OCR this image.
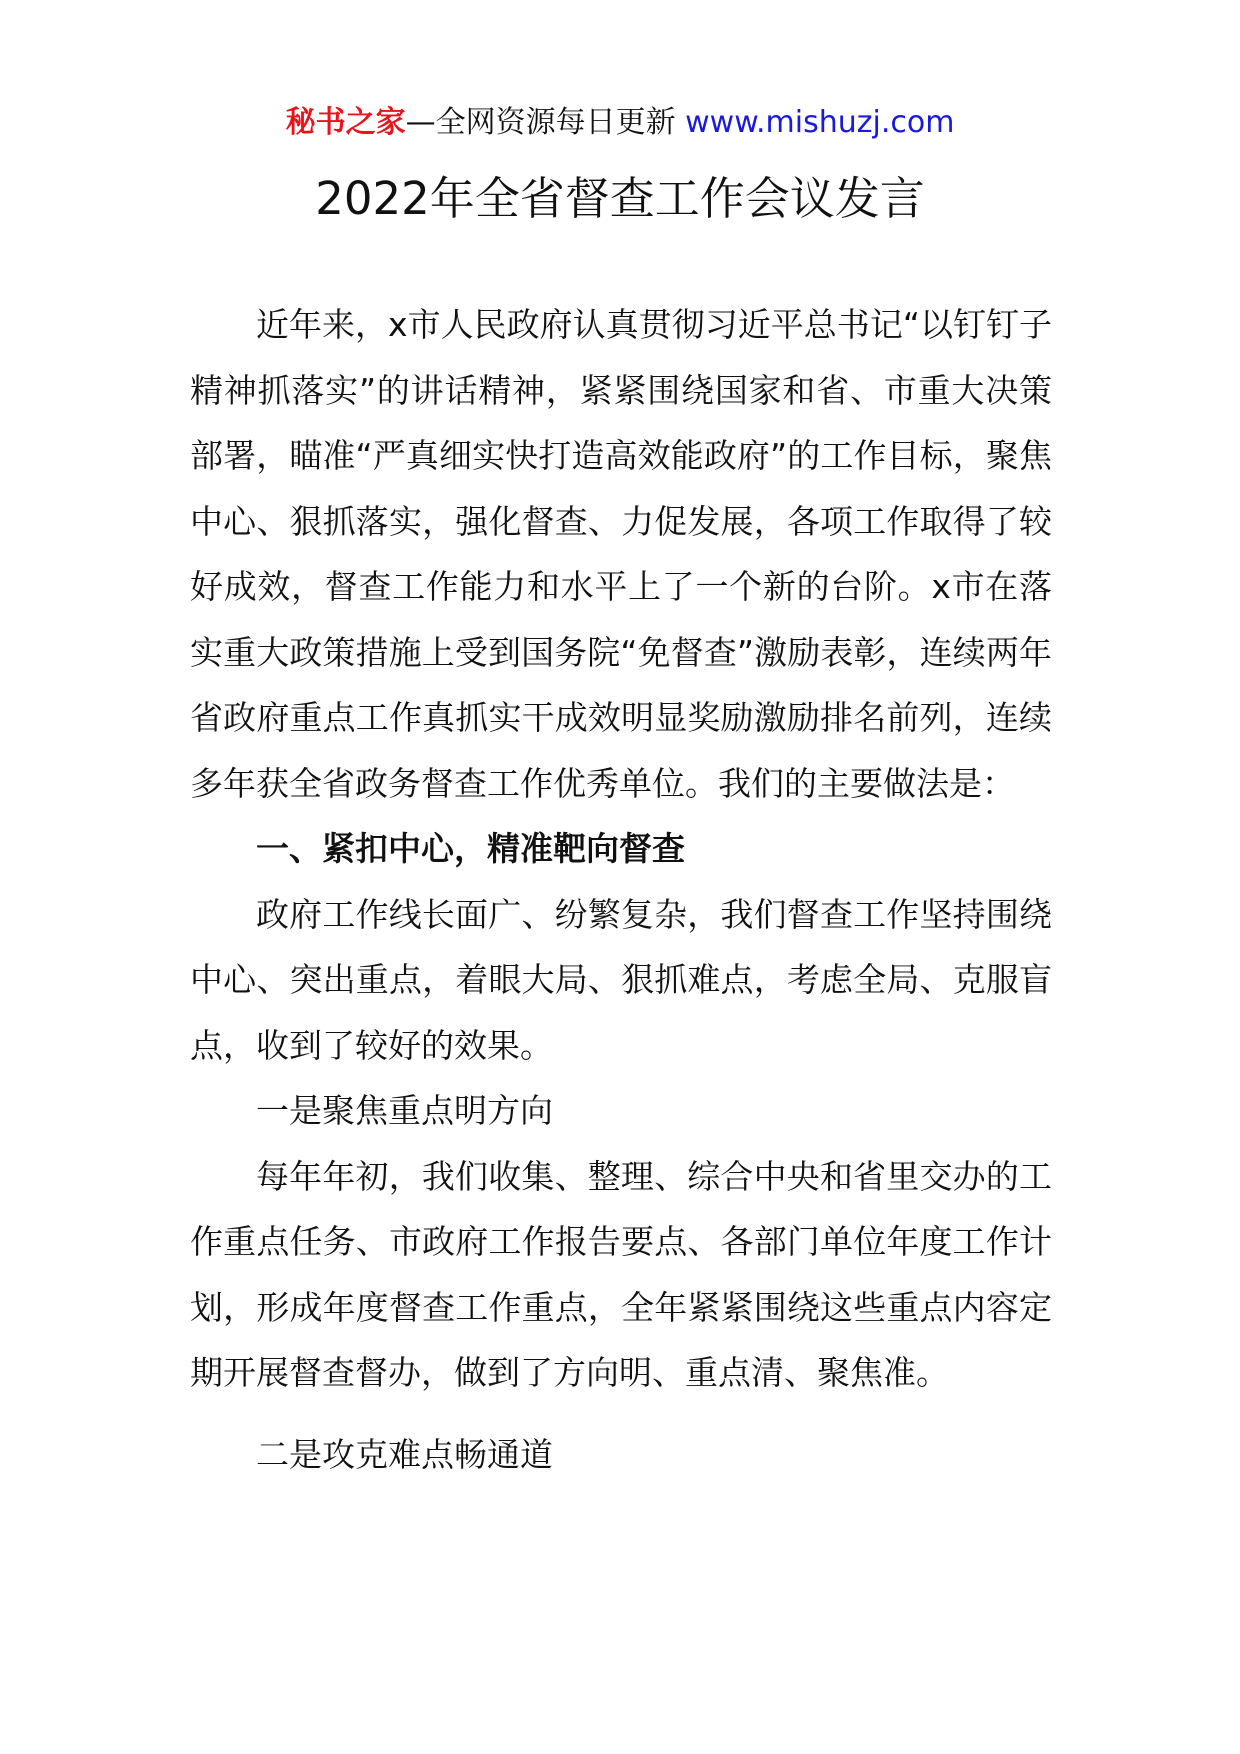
秘书之家—全网资源每日更新 www.mishuzj.com
2022年全省督查工作会议发言

近年来，x市人民政府认真贯彻习近平总书记“以钉钉子精神抓落实”的讲话精神，紧紧围绕国家和省、市重大决策部署，瞄准“严真细实快打造高效能政府”的工作目标，聚焦中心、狠抓落实，强化督查、力促发展，各项工作取得了较好成效，督查工作能力和水平上了一个新的台阶。x市在落实重大政策措施上受到国务院“免督查”激励表彰，连续两年省政府重点工作真抓实干成效明显奖励激励排名前列，连续多年获全省政务督查工作优秀单位。我们的主要做法是：

一、紧扣中心，精准靶向督查

政府工作线长面广、纷繁复杂，我们督查工作坚持围绕中心、突出重点，着眼大局、狠抓难点，考虑全局、克服盲点，收到了较好的效果。

一是聚焦重点明方向

每年年初，我们收集、整理、综合中央和省里交办的工作重点任务、市政府工作报告要点、各部门单位年度工作计划，形成年度督查工作重点，全年紧紧围绕这些重点内容定期开展督查督办，做到了方向明、重点清、聚焦准。

二是攻克难点畅通道
